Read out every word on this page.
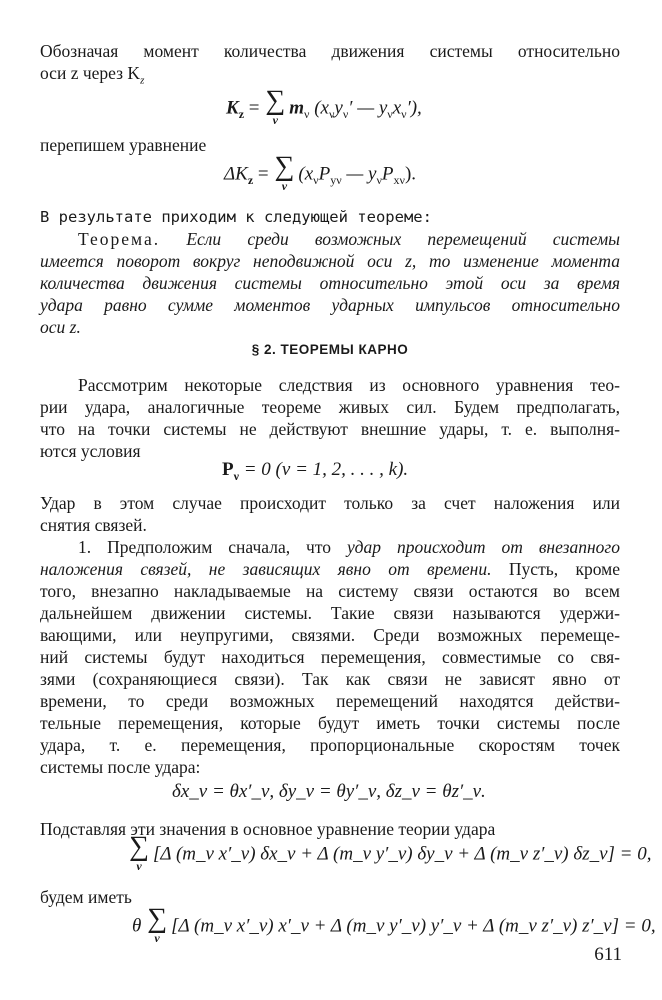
Обозначая момент количества движения системы относительно
оси z через $K_z$
$K_z$ = ∑
ν
$m_\nu$ ($x_\nu y_\nu'$ — $y_\nu x_\nu'$),
перепишем уравнение
$\Delta K_z$ = ∑
ν
($x_\nu P_{y\nu}$ — $y_\nu P_{x\nu}$).
В результате приходим к следующей теореме:
Теорема. Если среди возможных перемещений системы
имеется поворот вокруг неподвижной оси z, то изменение момента
количества движения системы относительно этой оси за время
удара равно сумме моментов ударных импульсов относительно
оси z.
§ 2. ТЕОРЕМЫ КАРНО
Рассмотрим некоторые следствия из основного уравнения тео-
рии удара, аналогичные теореме живых сил. Будем предполагать,
что на точки системы не действуют внешние удары, т. е. выполня-
ются условия
$P_\nu = 0$ (ν = 1, 2, . . . , k).
Удар в этом случае происходит только за счет наложения или
снятия связей.
1. Предположим сначала, что удар происходит от внезапного
наложения связей, не зависящих явно от времени. Пусть, кроме
того, внезапно накладываемые на систему связи остаются во всем
дальнейшем движении системы. Такие связи называются удержи-
вающими, или неупругими, связями. Среди возможных перемеще-
ний системы будут находиться перемещения, совместимые со свя-
зями (сохраняющиеся связи). Так как связи не зависят явно от
времени, то среди возможных перемещений находятся действи-
тельные перемещения, которые будут иметь точки системы после
удара, т. е. перемещения, пропорциональные скоростям точек
системы после удара:
δx_ν = θx′_ν, δy_ν = θy′_ν, δz_ν = θz′_ν.
Подставляя эти значения в основное уравнение теории удара
∑
ν
[Δ (m_ν x′_ν) δx_ν + Δ (m_ν y′_ν) δy_ν + Δ (m_ν z′_ν) δz_ν] = 0,
будем иметь
θ ∑
ν
[Δ (m_ν x′_ν) x′_ν + Δ (m_ν y′_ν) y′_ν + Δ (m_ν z′_ν) z′_ν] = 0,
611
